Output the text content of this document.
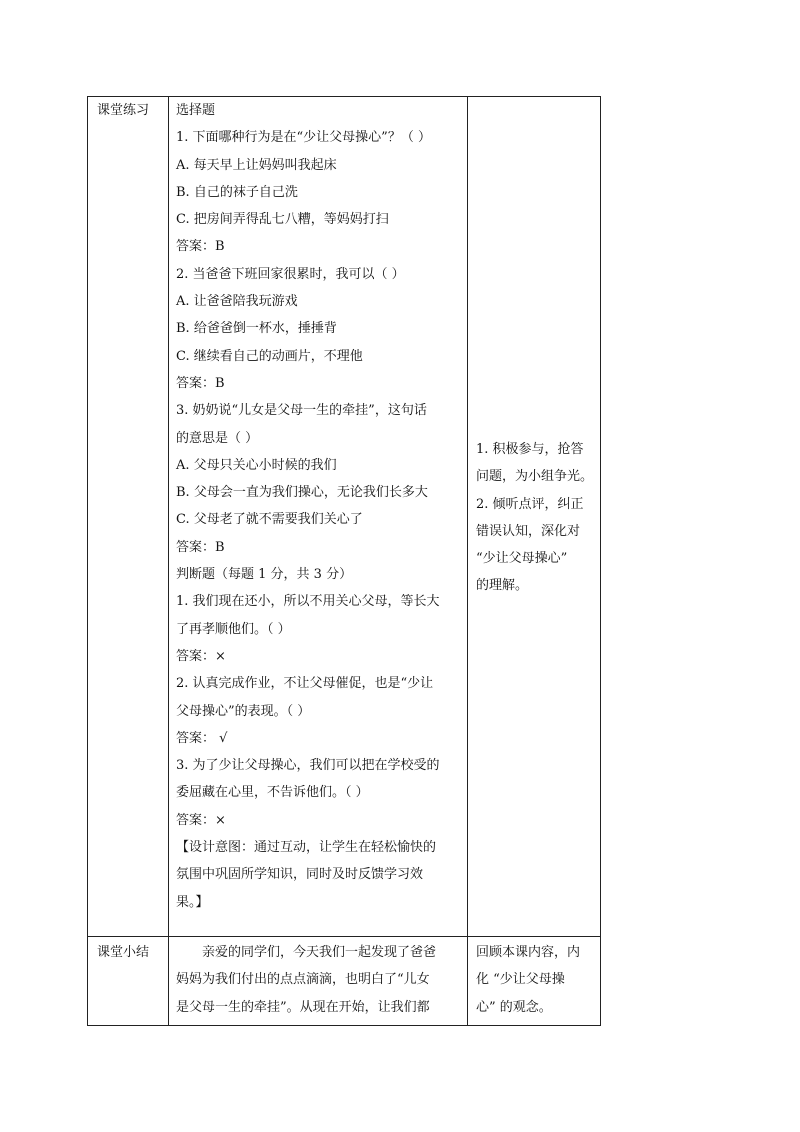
课堂练习	选择题
1. 下面哪种行为是在“少让父母操心”？（ ）
A. 每天早上让妈妈叫我起床
B. 自己的袜子自己洗
C. 把房间弄得乱七八糟，等妈妈打扫
答案：B
2. 当爸爸下班回家很累时，我可以（ ）
A. 让爸爸陪我玩游戏
B. 给爸爸倒一杯水，捶捶背
C. 继续看自己的动画片，不理他
答案：B
3. 奶奶说“儿女是父母一生的牵挂”，这句话
的意思是（ ）
A. 父母只关心小时候的我们
B. 父母会一直为我们操心，无论我们长多大
C. 父母老了就不需要我们关心了
答案：B
判断题（每题 1 分，共 3 分）
1. 我们现在还小，所以不用关心父母，等长大
了再孝顺他们。（ ）
答案：×
2. 认真完成作业，不让父母催促，也是“少让
父母操心”的表现。（ ）
答案： √
3. 为了少让父母操心，我们可以把在学校受的
委屈藏在心里，不告诉他们。（ ）
答案：×
【设计意图：通过互动，让学生在轻松愉快的
氛围中巩固所学知识，同时及时反馈学习效
果。】
1. 积极参与，抢答
问题，为小组争光。
2. 倾听点评，纠正
错误认知，深化对
“少让父母操心”
的理解。
课堂小结	亲爱的同学们，今天我们一起发现了爸爸
妈妈为我们付出的点点滴滴，也明白了“儿女
是父母一生的牵挂”。从现在开始，让我们都
回顾本课内容，内
化 “少让父母操
心” 的观念。
